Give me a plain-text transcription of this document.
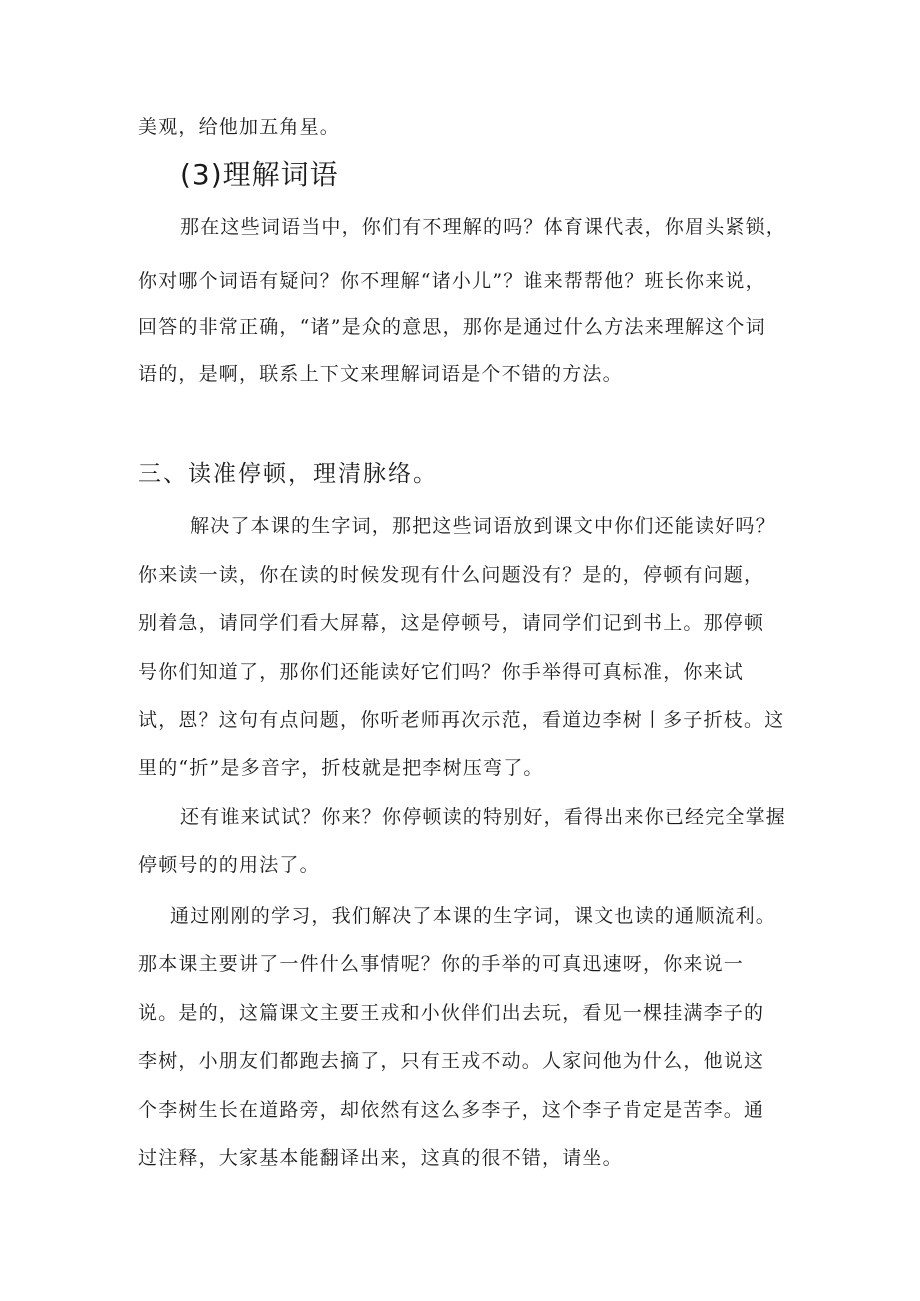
美观，给他加五角星。
(3)理解词语
那在这些词语当中，你们有不理解的吗？体育课代表，你眉头紧锁，
你对哪个词语有疑问？你不理解“诸小儿”？谁来帮帮他？班长你来说，
回答的非常正确，“诸”是众的意思，那你是通过什么方法来理解这个词
语的，是啊，联系上下文来理解词语是个不错的方法。
三、读准停顿，理清脉络。
解决了本课的生字词，那把这些词语放到课文中你们还能读好吗？
你来读一读，你在读的时候发现有什么问题没有？是的，停顿有问题，
别着急，请同学们看大屏幕，这是停顿号，请同学们记到书上。那停顿
号你们知道了，那你们还能读好它们吗？你手举得可真标准，你来试
试，恩？这句有点问题，你听老师再次示范，看道边李树丨多子折枝。这
里的“折”是多音字，折枝就是把李树压弯了。
还有谁来试试？你来？你停顿读的特别好，看得出来你已经完全掌握
停顿号的的用法了。
通过刚刚的学习，我们解决了本课的生字词，课文也读的通顺流利。
那本课主要讲了一件什么事情呢？你的手举的可真迅速呀，你来说一
说。是的，这篇课文主要王戎和小伙伴们出去玩，看见一棵挂满李子的
李树，小朋友们都跑去摘了，只有王戎不动。人家问他为什么，他说这
个李树生长在道路旁，却依然有这么多李子，这个李子肯定是苦李。通
过注释，大家基本能翻译出来，这真的很不错，请坐。
